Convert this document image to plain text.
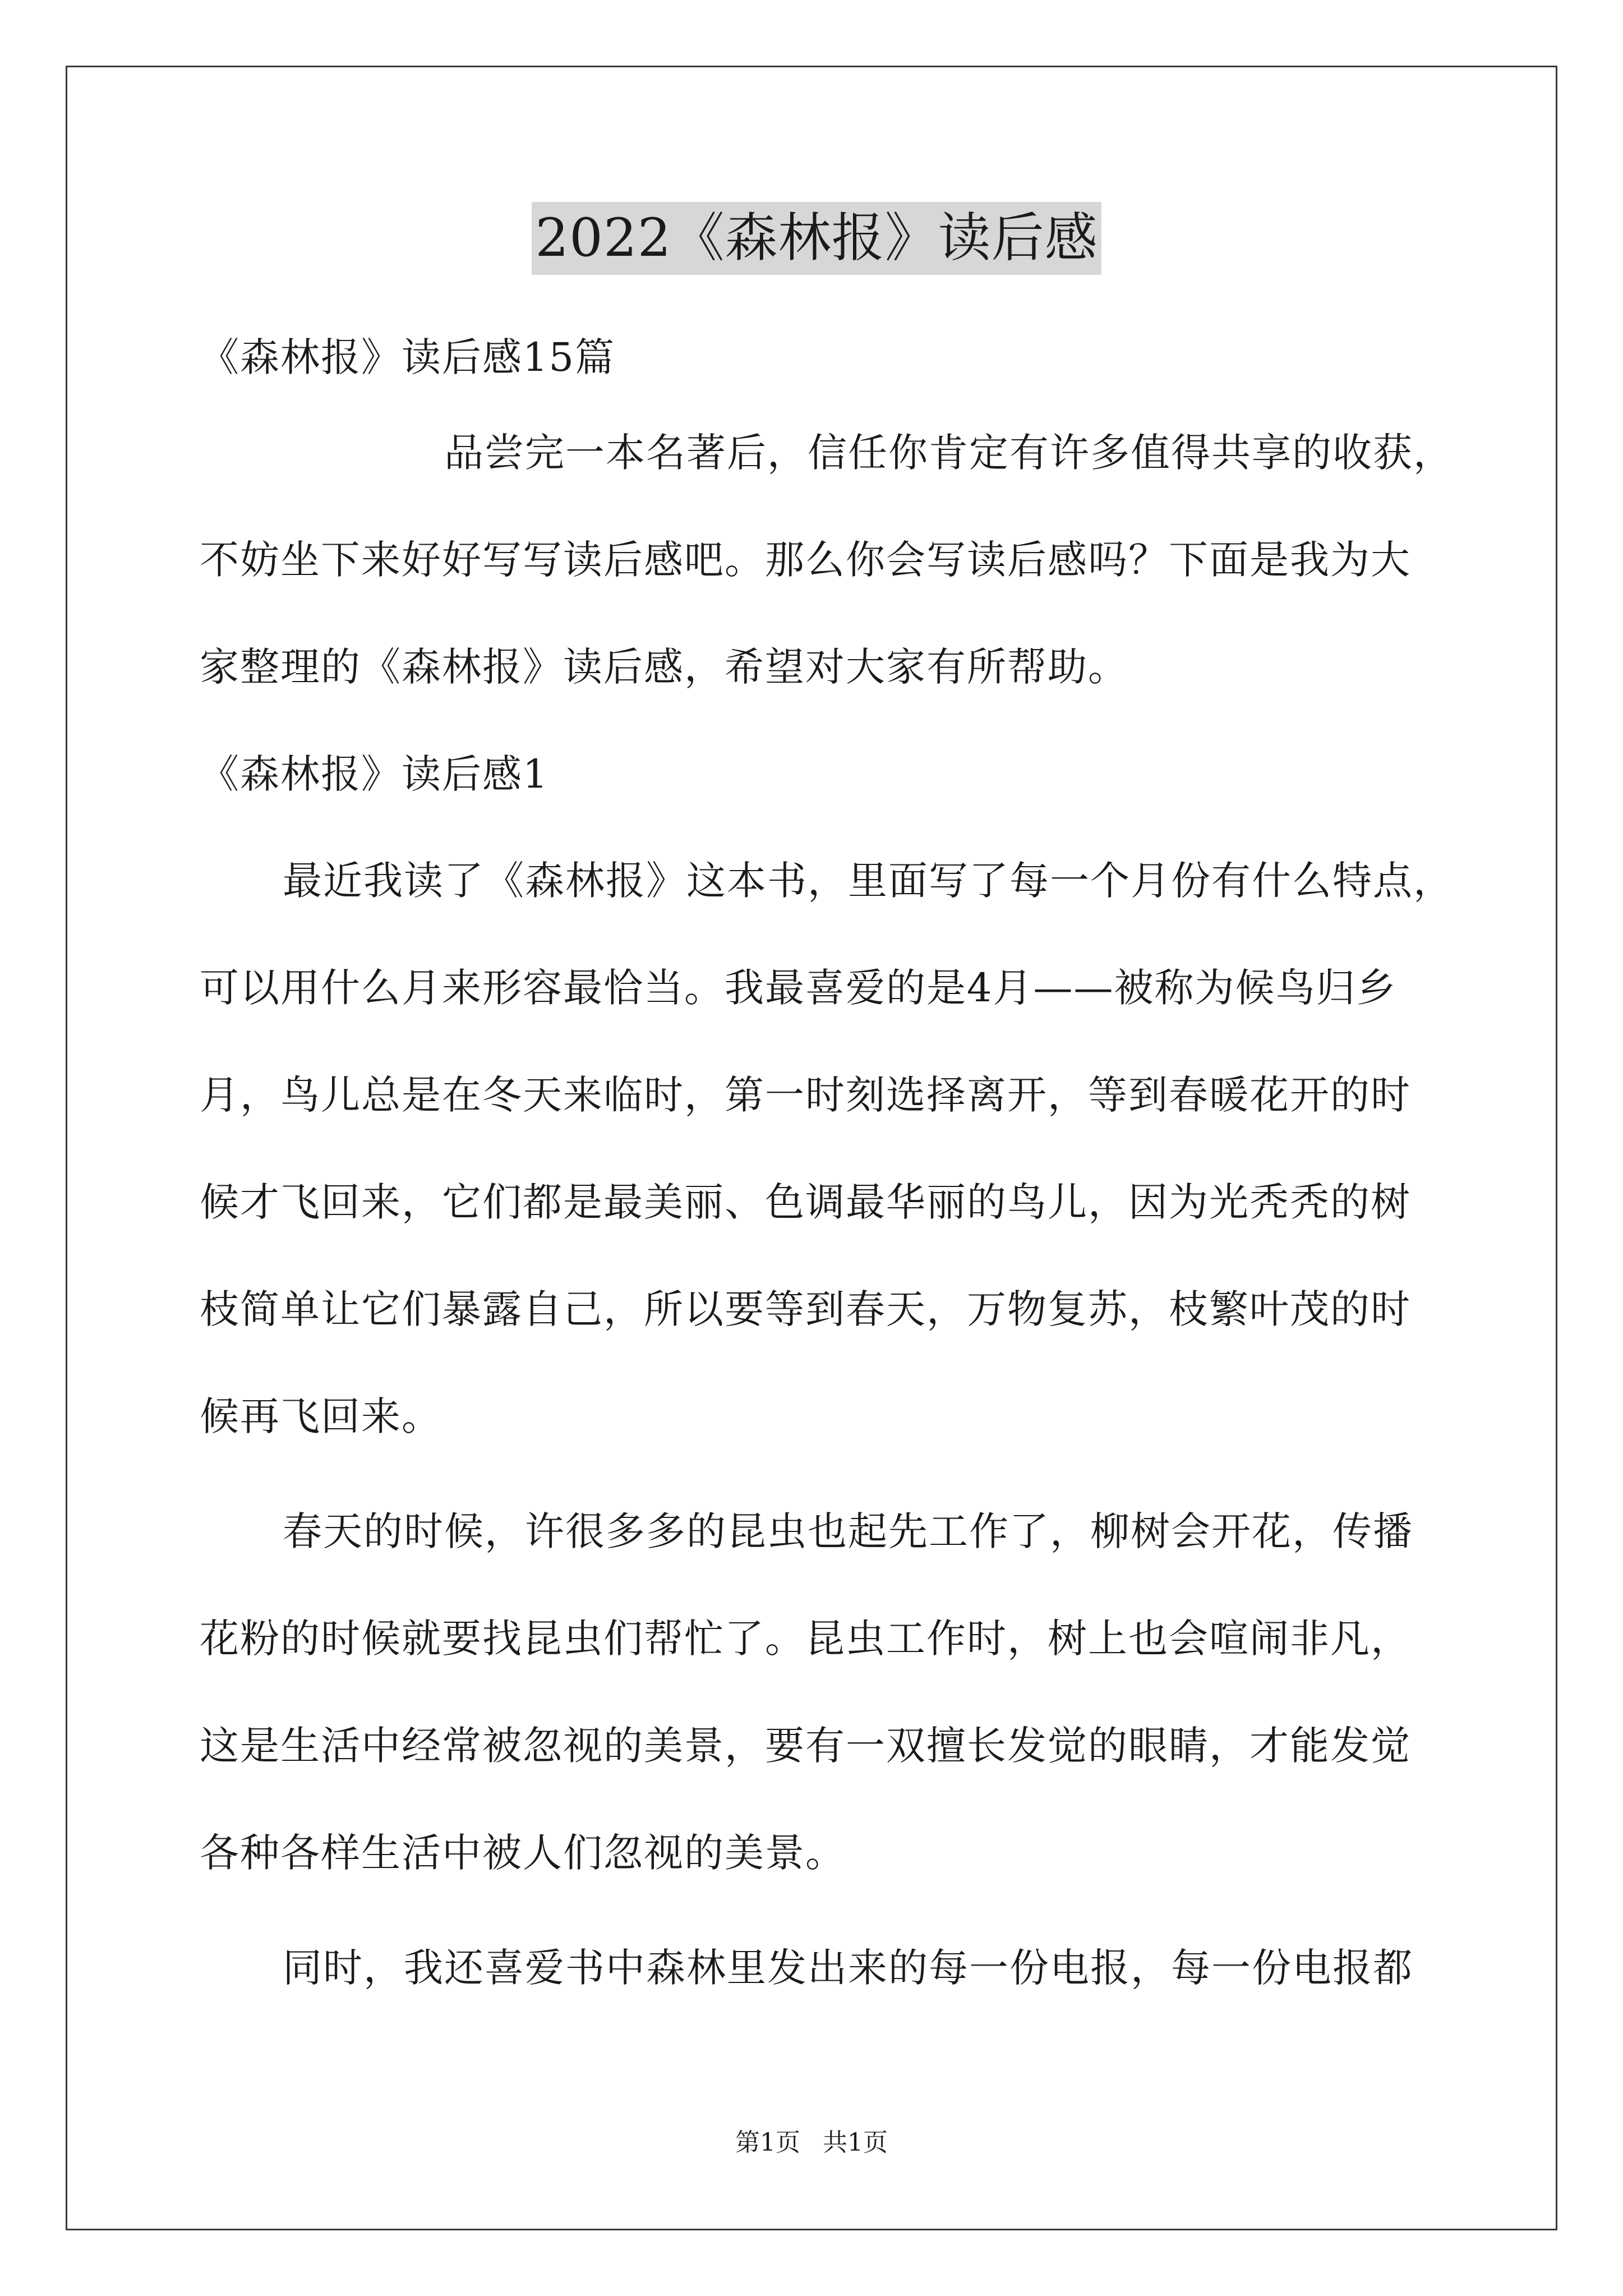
2022《森林报》读后感
《森林报》读后感15篇
品尝完一本名著后，信任你肯定有许多值得共享的收获，
不妨坐下来好好写写读后感吧。那么你会写读后感吗？下面是我为大
家整理的《森林报》读后感，希望对大家有所帮助。
《森林报》读后感1
最近我读了《森林报》这本书，里面写了每一个月份有什么特点，
可以用什么月来形容最恰当。我最喜爱的是4月——被称为候鸟归乡
月，鸟儿总是在冬天来临时，第一时刻选择离开，等到春暖花开的时
候才飞回来，它们都是最美丽、色调最华丽的鸟儿，因为光秃秃的树
枝简单让它们暴露自己，所以要等到春天，万物复苏，枝繁叶茂的时
候再飞回来。
春天的时候，许很多多的昆虫也起先工作了，柳树会开花，传播
花粉的时候就要找昆虫们帮忙了。昆虫工作时，树上也会喧闹非凡，
这是生活中经常被忽视的美景，要有一双擅长发觉的眼睛，才能发觉
各种各样生活中被人们忽视的美景。
同时，我还喜爱书中森林里发出来的每一份电报，每一份电报都
第1页 共1页
